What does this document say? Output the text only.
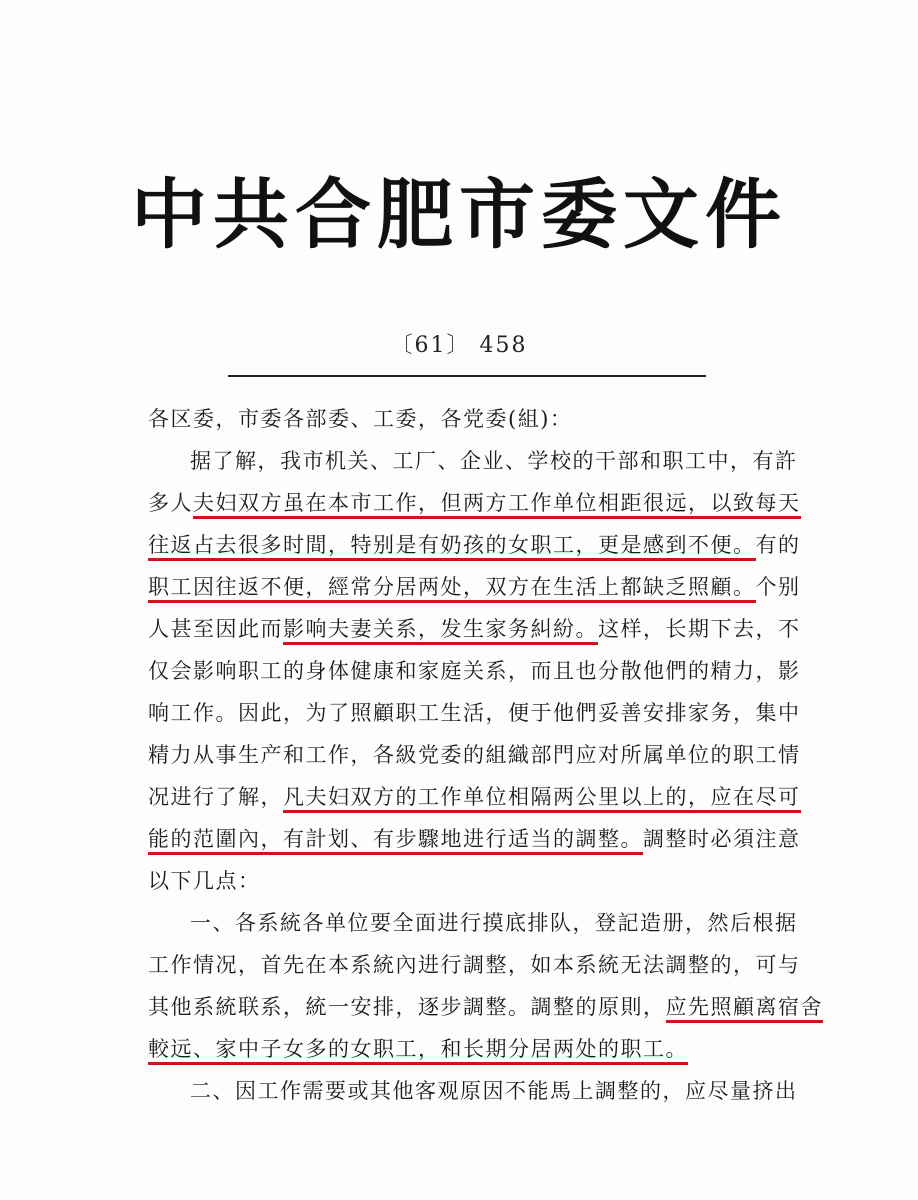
中共合肥市委文件
〔61〕 458
各区委，市委各部委、工委，各党委(組)：
据了解，我市机关、工厂、企业、学校的干部和职工中，有許
多人夫妇双方虽在本市工作，但两方工作单位相距很远，以致每天
往返占去很多时間，特别是有奶孩的女职工，更是感到不便。有的
职工因往返不便，經常分居两处，双方在生活上都缺乏照顧。个别
人甚至因此而影响夫妻关系，发生家务糾紛。这样，长期下去，不
仅会影响职工的身体健康和家庭关系，而且也分散他們的精力，影
响工作。因此，为了照顧职工生活，便于他們妥善安排家务，集中
精力从事生产和工作，各級党委的組織部門应对所属单位的职工情
况进行了解，凡夫妇双方的工作单位相隔两公里以上的，应在尽可
能的范圍內，有計划、有步驟地进行适当的調整。調整时必須注意
以下几点：
一、各系統各单位要全面进行摸底排队，登記造册，然后根据
工作情况，首先在本系統內进行調整，如本系統无法調整的，可与
其他系統联系，統一安排，逐步調整。調整的原則，应先照顧离宿舍
較远、家中子女多的女职工，和长期分居两处的职工。
二、因工作需要或其他客观原因不能馬上調整的，应尽量挤出
